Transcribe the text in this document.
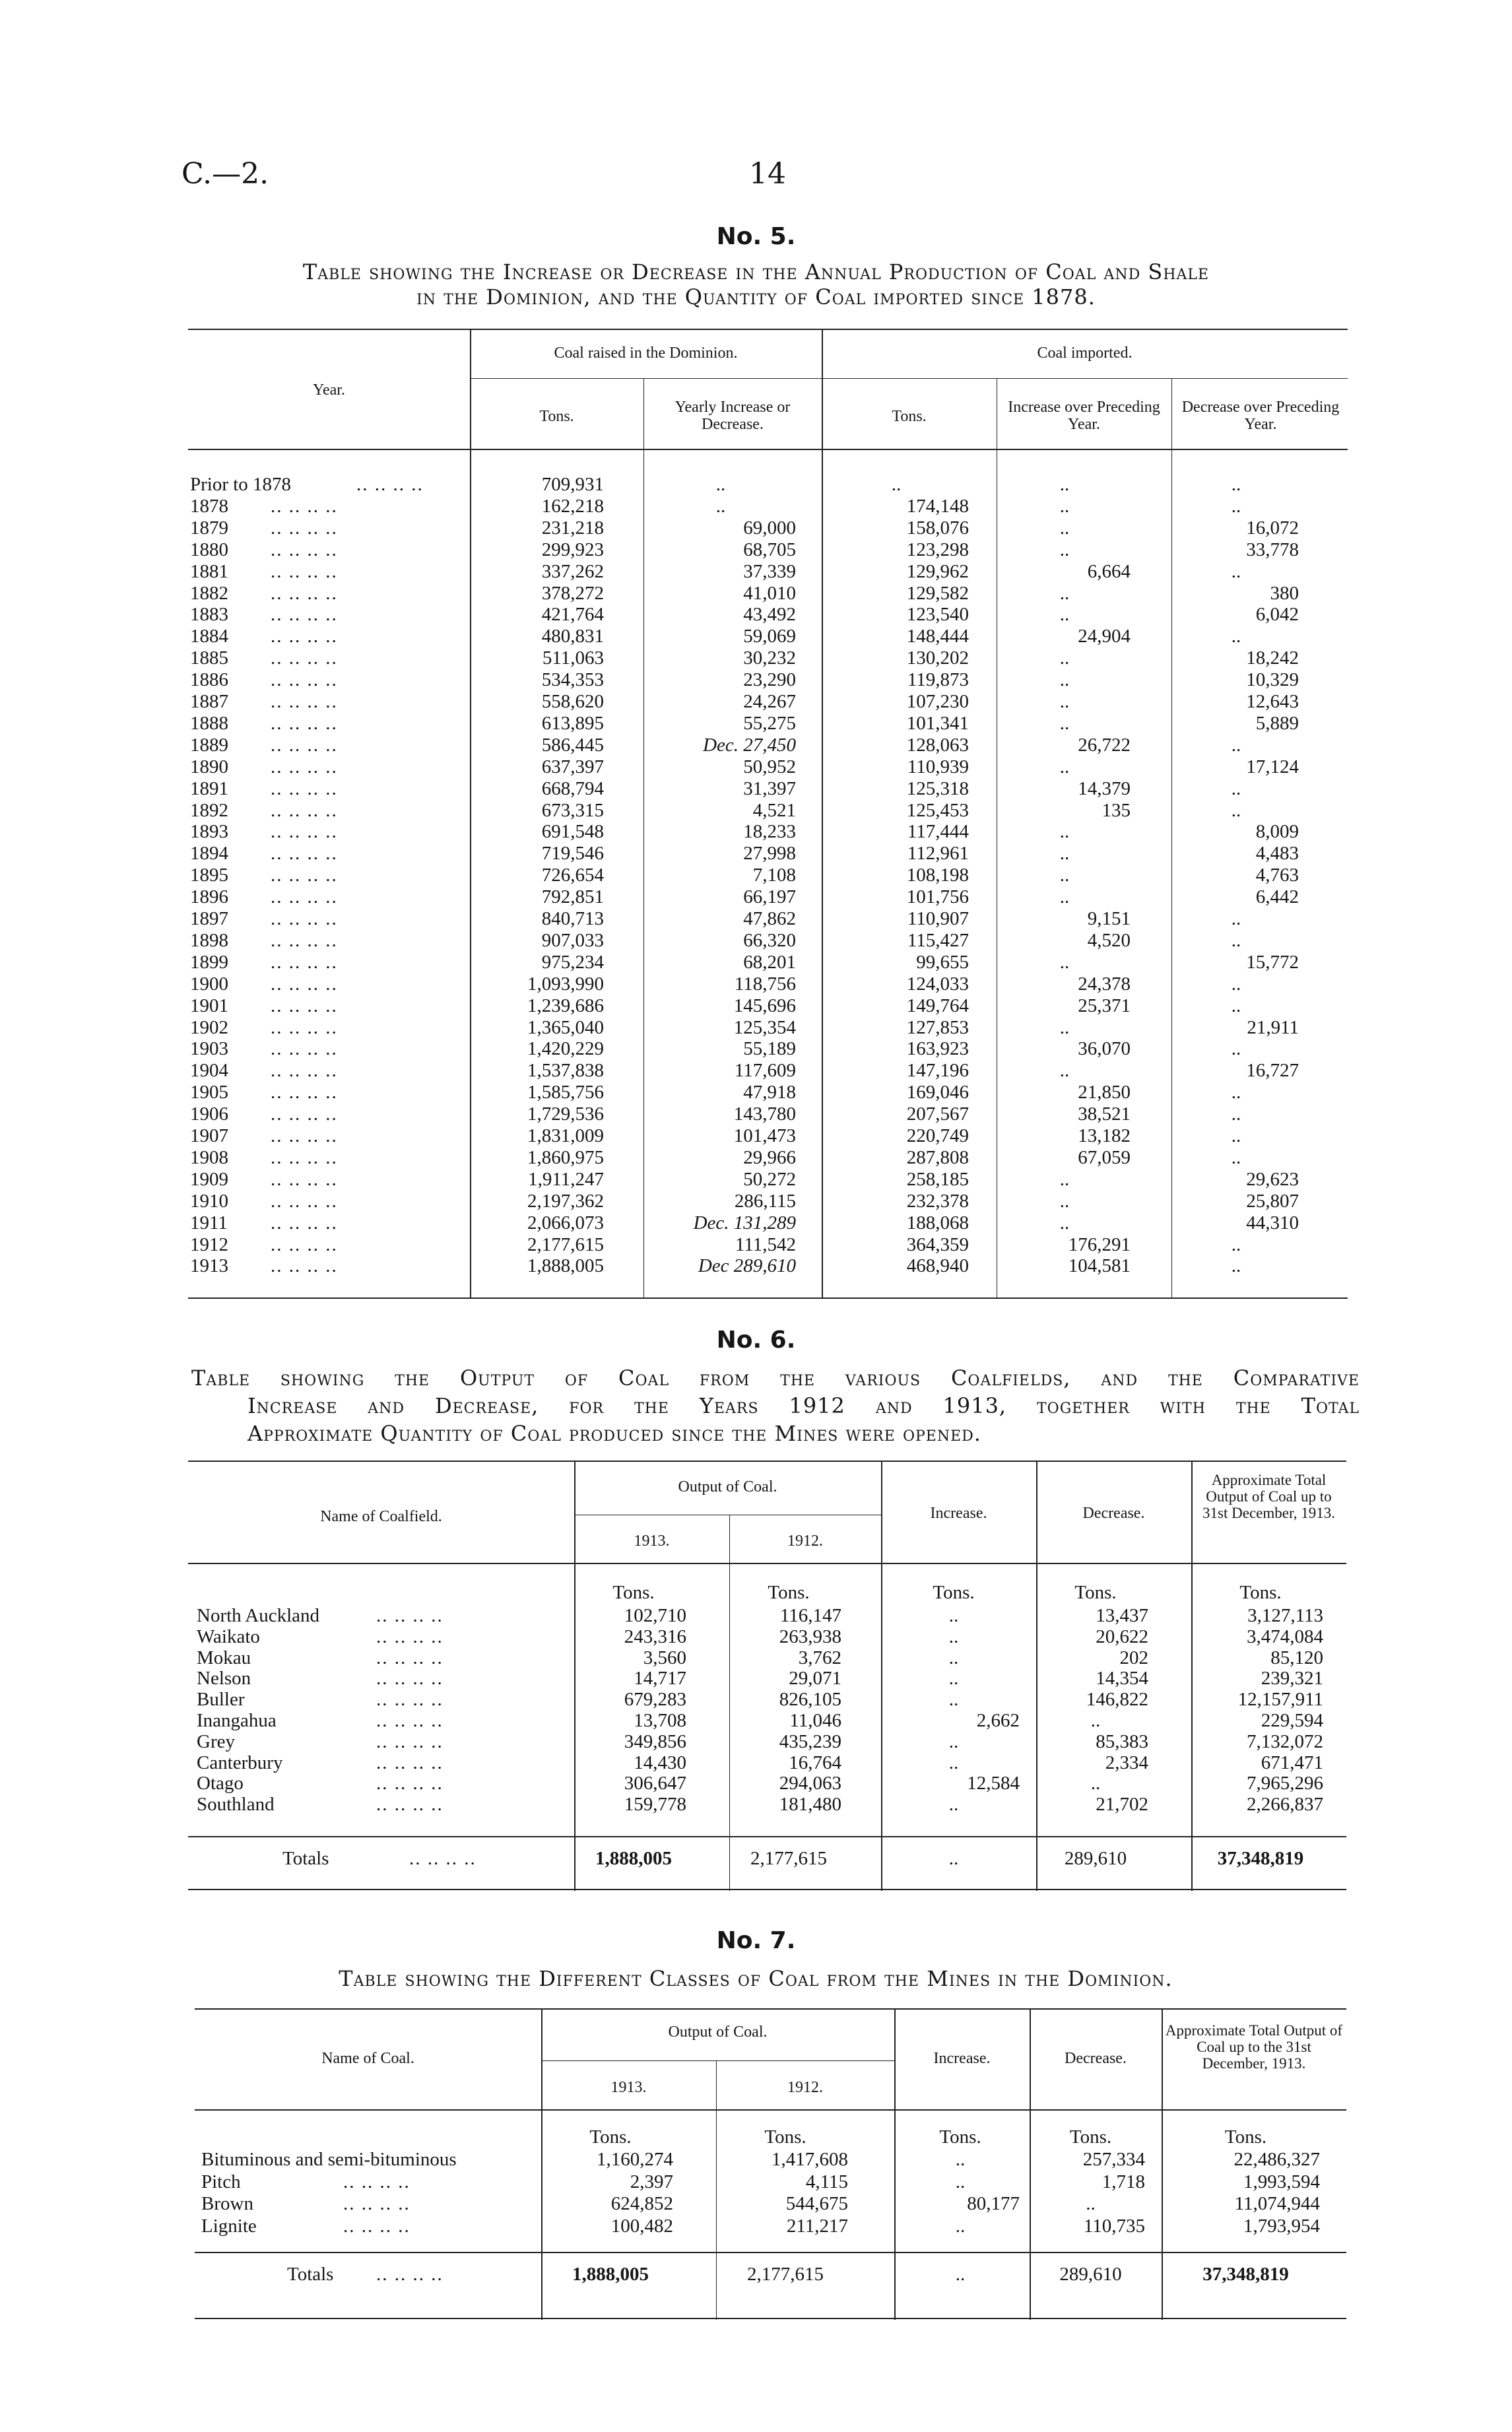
C.—2.	14
No. 5.
Table showing the Increase or Decrease in the Annual Production of Coal and Shale
in the Dominion, and the Quantity of Coal imported since 1878.
Year.
Coal raised in the Dominion.	Coal imported.
Tons.
Yearly Increase or Decrease.	Tons.
Increase over Preceding Year.
Decrease over Preceding Year.
Prior to 1878	.. .. .. ..	709,931	..	..	..	..
1878	.. .. .. ..	162,218	..	174,148	..	..
1879	.. .. .. ..	231,218	69,000	158,076	..	16,072
1880	.. .. .. ..	299,923	68,705	123,298	..	33,778
1881	.. .. .. ..	337,262	37,339	129,962	6,664	..
1882	.. .. .. ..	378,272	41,010	129,582	..	380
1883	.. .. .. ..	421,764	43,492	123,540	..	6,042
1884	.. .. .. ..	480,831	59,069	148,444	24,904	..
1885	.. .. .. ..	511,063	30,232	130,202	..	18,242
1886	.. .. .. ..	534,353	23,290	119,873	..	10,329
1887	.. .. .. ..	558,620	24,267	107,230	..	12,643
1888	.. .. .. ..	613,895	55,275	101,341	..	5,889
1889	.. .. .. ..	586,445	Dec. 27,450	128,063	26,722	..
1890	.. .. .. ..	637,397	50,952	110,939	..	17,124
1891	.. .. .. ..	668,794	31,397	125,318	14,379	..
1892	.. .. .. ..	673,315	4,521	125,453	135	..
1893	.. .. .. ..	691,548	18,233	117,444	..	8,009
1894	.. .. .. ..	719,546	27,998	112,961	..	4,483
1895	.. .. .. ..	726,654	7,108	108,198	..	4,763
1896	.. .. .. ..	792,851	66,197	101,756	..	6,442
1897	.. .. .. ..	840,713	47,862	110,907	9,151	..
1898	.. .. .. ..	907,033	66,320	115,427	4,520	..
1899	.. .. .. ..	975,234	68,201	99,655	..	15,772
1900	.. .. .. ..	1,093,990	118,756	124,033	24,378	..
1901	.. .. .. ..	1,239,686	145,696	149,764	25,371	..
1902	.. .. .. ..	1,365,040	125,354	127,853	..	21,911
1903	.. .. .. ..	1,420,229	55,189	163,923	36,070	..
1904	.. .. .. ..	1,537,838	117,609	147,196	..	16,727
1905	.. .. .. ..	1,585,756	47,918	169,046	21,850	..
1906	.. .. .. ..	1,729,536	143,780	207,567	38,521	..
1907	.. .. .. ..	1,831,009	101,473	220,749	13,182	..
1908	.. .. .. ..	1,860,975	29,966	287,808	67,059	..
1909	.. .. .. ..	1,911,247	50,272	258,185	..	29,623
1910	.. .. .. ..	2,197,362	286,115	232,378	..	25,807
1911	.. .. .. ..	2,066,073	Dec. 131,289	188,068	..	44,310
1912	.. .. .. ..	2,177,615	111,542	364,359	176,291	..
1913	.. .. .. ..	1,888,005	Dec 289,610	468,940	104,581	..
No. 6.
Table showing the Output of Coal from the various Coalfields, and the Comparative
Increase and Decrease, for the Years 1912 and 1913, together with the Total
Approximate Quantity of Coal produced since the Mines were opened.
Name of Coalfield.
Output of Coal.
1913.	1912.
Increase.	Decrease.
Approximate Total Output of Coal up to 31st December, 1913.
Tons.	Tons.	Tons.	Tons.	Tons.
North Auckland	.. .. .. ..	102,710	116,147	..	13,437	3,127,113
Waikato	.. .. .. ..	243,316	263,938	..	20,622	3,474,084
Mokau	.. .. .. ..	3,560	3,762	..	202	85,120
Nelson	.. .. .. ..	14,717	29,071	..	14,354	239,321
Buller	.. .. .. ..	679,283	826,105	..	146,822	12,157,911
Inangahua	.. .. .. ..	13,708	11,046	2,662	..	229,594
Grey	.. .. .. ..	349,856	435,239	..	85,383	7,132,072
Canterbury	.. .. .. ..	14,430	16,764	..	2,334	671,471
Otago	.. .. .. ..	306,647	294,063	12,584	..	7,965,296
Southland	.. .. .. ..	159,778	181,480	..	21,702	2,266,837
Totals	.. .. .. ..	1,888,005	2,177,615	..	289,610	37,348,819
No. 7.
Table showing the Different Classes of Coal from the Mines in the Dominion.
Name of Coal.
Output of Coal.
1913.	1912.
Increase.	Decrease.
Approximate Total Output of Coal up to the 31st December, 1913.
Tons.	Tons.	Tons.	Tons.	Tons.
Bituminous and semi-bituminous	1,160,274	1,417,608	..	257,334	22,486,327
Pitch	.. .. .. ..	2,397	4,115	..	1,718	1,993,594
Brown	.. .. .. ..	624,852	544,675	80,177	..	11,074,944
Lignite	.. .. .. ..	100,482	211,217	..	110,735	1,793,954
Totals	.. .. .. ..	1,888,005	2,177,615	..	289,610	37,348,819
